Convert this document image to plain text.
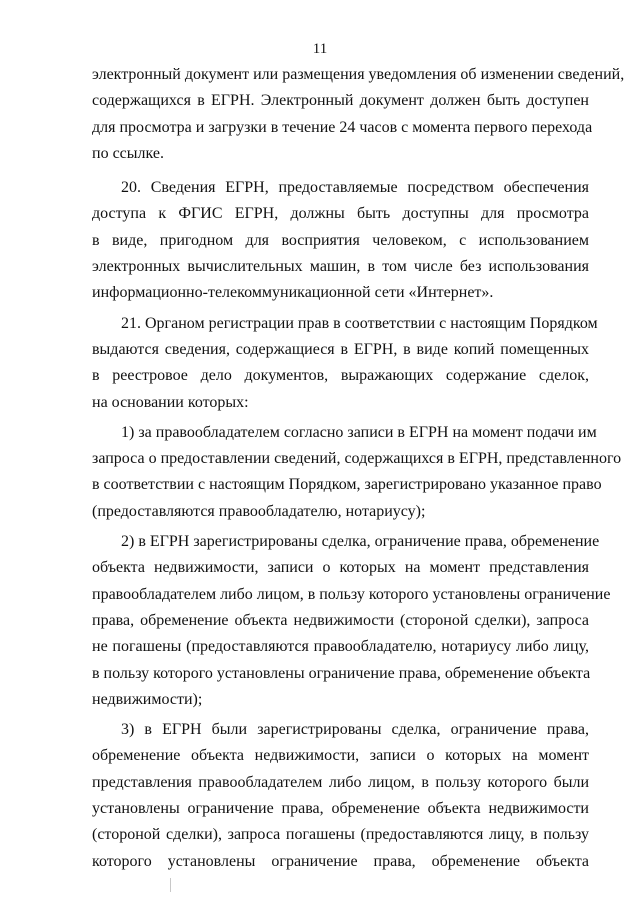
11

электронный документ или размещения уведомления об изменении сведений,
содержащихся в ЕГРН. Электронный документ должен быть доступен
для просмотра и загрузки в течение 24 часов с момента первого перехода
по ссылке.

20. Сведения ЕГРН, предоставляемые посредством обеспечения
доступа к ФГИС ЕГРН, должны быть доступны для просмотра
в виде, пригодном для восприятия человеком, с использованием
электронных вычислительных машин, в том числе без использования
информационно-телекоммуникационной сети «Интернет».

21. Органом регистрации прав в соответствии с настоящим Порядком
выдаются сведения, содержащиеся в ЕГРН, в виде копий помещенных
в реестровое дело документов, выражающих содержание сделок,
на основании которых:

1) за правообладателем согласно записи в ЕГРН на момент подачи им
запроса о предоставлении сведений, содержащихся в ЕГРН, представленного
в соответствии с настоящим Порядком, зарегистрировано указанное право
(предоставляются правообладателю, нотариусу);

2) в ЕГРН зарегистрированы сделка, ограничение права, обременение
объекта недвижимости, записи о которых на момент представления
правообладателем либо лицом, в пользу которого установлены ограничение
права, обременение объекта недвижимости (стороной сделки), запроса
не погашены (предоставляются правообладателю, нотариусу либо лицу,
в пользу которого установлены ограничение права, обременение объекта
недвижимости);

3) в ЕГРН были зарегистрированы сделка, ограничение права,
обременение объекта недвижимости, записи о которых на момент
представления правообладателем либо лицом, в пользу которого были
установлены ограничение права, обременение объекта недвижимости
(стороной сделки), запроса погашены (предоставляются лицу, в пользу
которого установлены ограничение права, обременение объекта
